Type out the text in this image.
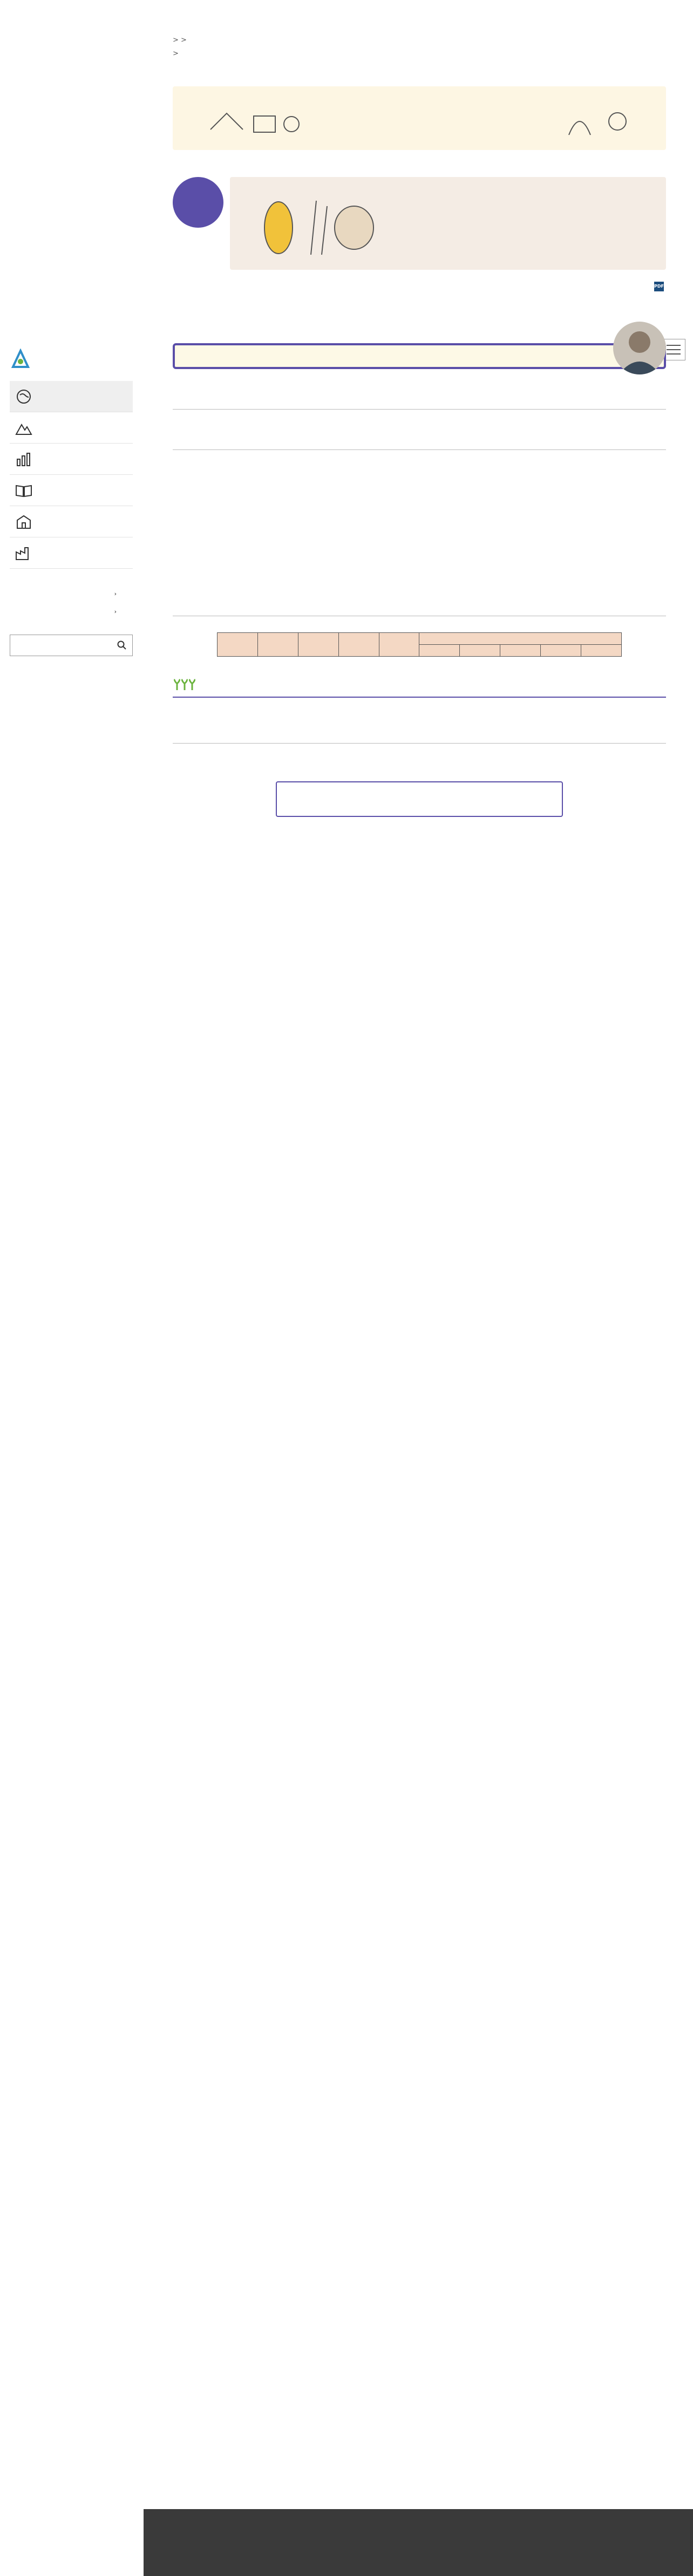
›
›
> >
>

PDF
